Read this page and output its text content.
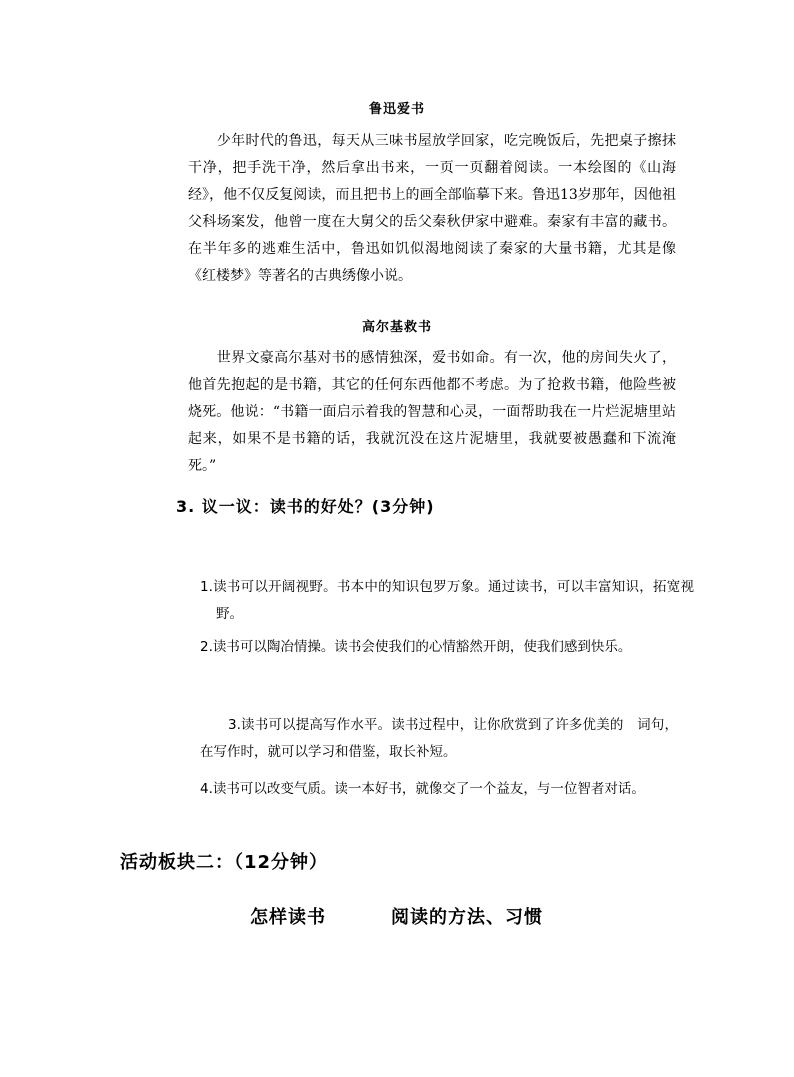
鲁迅爱书
　　少年时代的鲁迅，每天从三味书屋放学回家，吃完晚饭后，先把桌子擦抹干净，把手洗干净，然后拿出书来，一页一页翻着阅读。一本绘图的《山海经》，他不仅反复阅读，而且把书上的画全部临摹下来。鲁迅13岁那年，因他祖父科场案发，他曾一度在大舅父的岳父秦秋伊家中避难。秦家有丰富的藏书。在半年多的逃难生活中，鲁迅如饥似渴地阅读了秦家的大量书籍，尤其是像《红楼梦》等著名的古典绣像小说。
高尔基救书
　　世界文豪高尔基对书的感情独深，爱书如命。有一次，他的房间失火了，他首先抱起的是书籍，其它的任何东西他都不考虑。为了抢救书籍，他险些被烧死。他说：“书籍一面启示着我的智慧和心灵，一面帮助我在一片烂泥塘里站起来，如果不是书籍的话，我就沉没在这片泥塘里，我就要被愚蠢和下流淹死。”
3. 议一议：读书的好处？(3分钟)
1.读书可以开阔视野。书本中的知识包罗万象。通过读书，可以丰富知识，拓宽视野。
2.读书可以陶冶情操。读书会使我们的心情豁然开朗，使我们感到快乐。
3.读书可以提高写作水平。读书过程中，让你欣赏到了许多优美的　词句，在写作时，就可以学习和借鉴，取长补短。
4.读书可以改变气质。读一本好书，就像交了一个益友，与一位智者对话。
活动板块二：（12分钟）
怎样读书	阅读的方法、习惯
